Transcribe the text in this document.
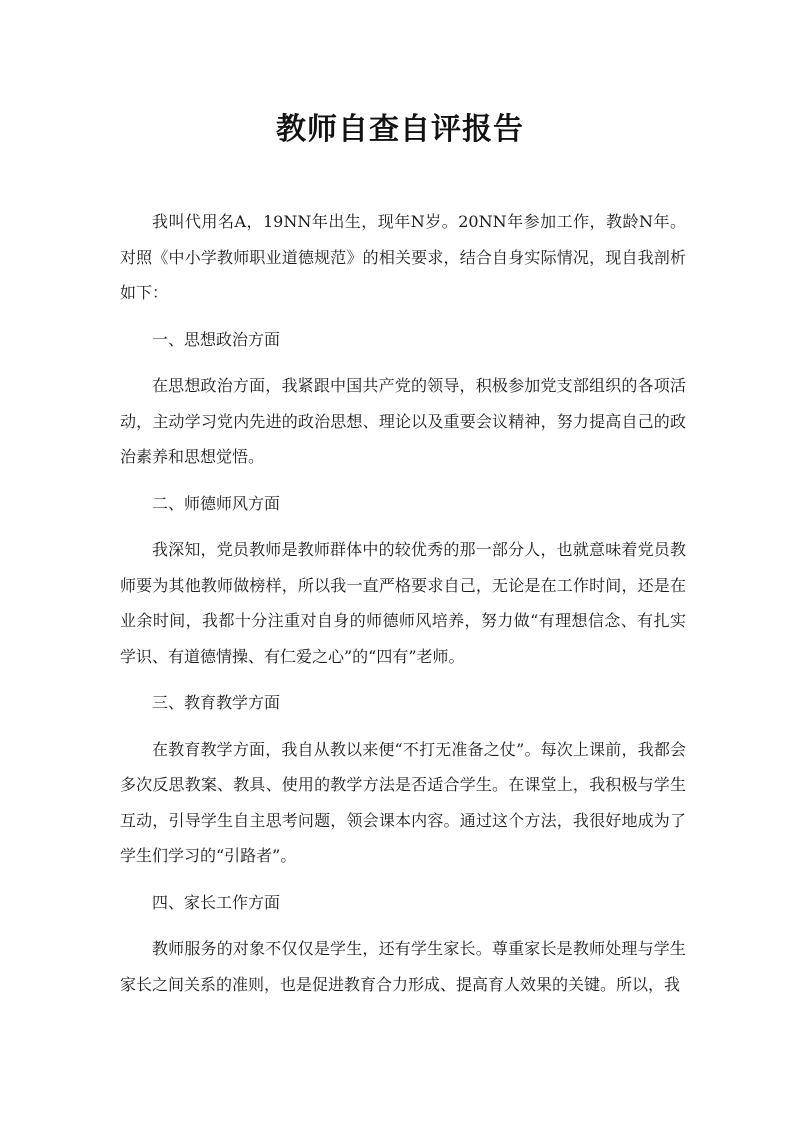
教师自查自评报告

我叫代用名A，19NN年出生，现年N岁。20NN年参加工作，教龄N年。对照《中小学教师职业道德规范》的相关要求，结合自身实际情况，现自我剖析如下：

一、思想政治方面

在思想政治方面，我紧跟中国共产党的领导，积极参加党支部组织的各项活动，主动学习党内先进的政治思想、理论以及重要会议精神，努力提高自己的政治素养和思想觉悟。

二、师德师风方面

我深知，党员教师是教师群体中的较优秀的那一部分人，也就意味着党员教师要为其他教师做榜样，所以我一直严格要求自己，无论是在工作时间，还是在业余时间，我都十分注重对自身的师德师风培养，努力做“有理想信念、有扎实学识、有道德情操、有仁爱之心”的“四有”老师。

三、教育教学方面

在教育教学方面，我自从教以来便“不打无准备之仗”。每次上课前，我都会多次反思教案、教具、使用的教学方法是否适合学生。在课堂上，我积极与学生互动，引导学生自主思考问题，领会课本内容。通过这个方法，我很好地成为了学生们学习的“引路者”。

四、家长工作方面

教师服务的对象不仅仅是学生，还有学生家长。尊重家长是教师处理与学生家长之间关系的准则，也是促进教育合力形成、提高育人效果的关键。所以，我
